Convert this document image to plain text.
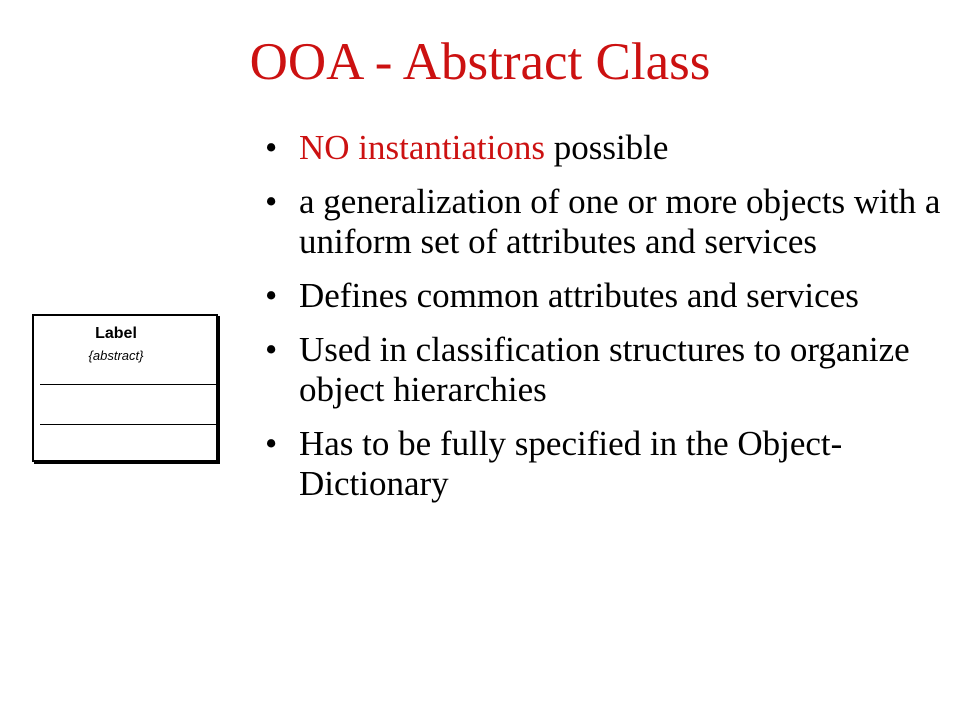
OOA - Abstract Class
Label
{abstract}
• NO instantiations possible
• a generalization of one or more objects with a uniform set of attributes and services
• Defines common attributes and services
• Used in classification structures to organize object hierarchies
• Has to be fully specified in the Object-Dictionary
